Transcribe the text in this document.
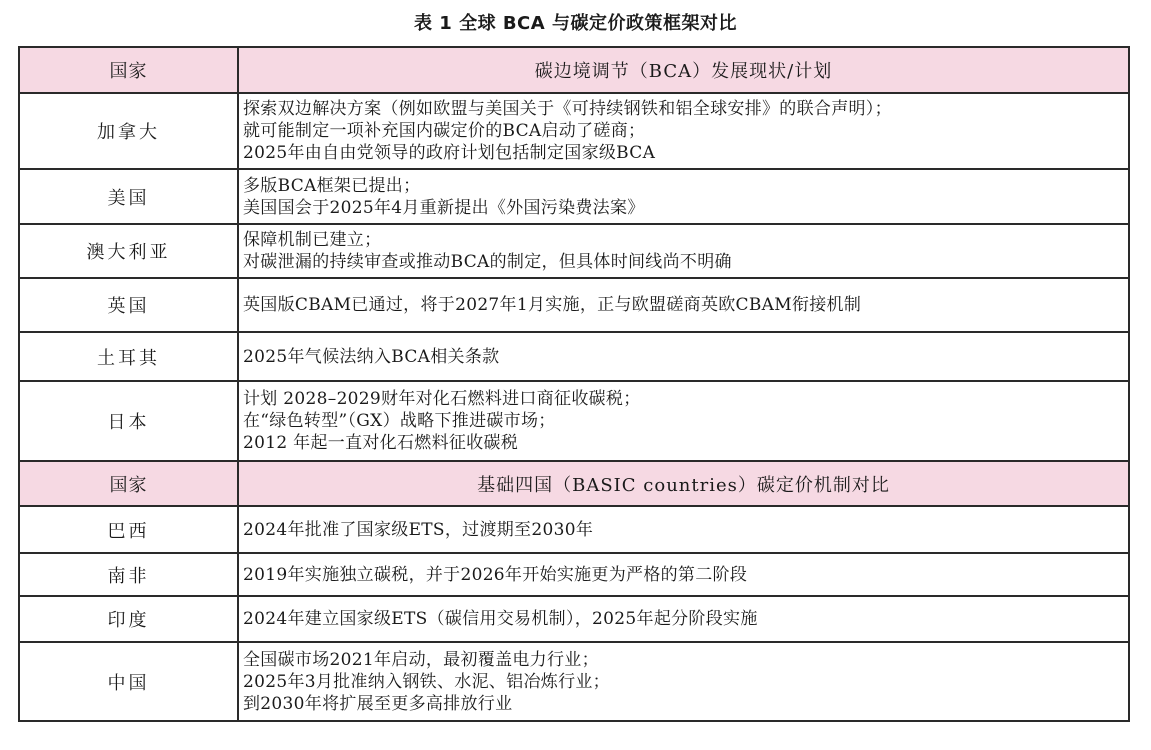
表 1 全球 BCA 与碳定价政策框架对比
国家	碳边境调节（BCA）发展现状/计划
加拿大	探索双边解决方案（例如欧盟与美国关于《可持续钢铁和铝全球安排》的联合声明）；
就可能制定一项补充国内碳定价的BCA启动了磋商；
2025年由自由党领导的政府计划包括制定国家级BCA

美国	多版BCA框架已提出；
美国国会于2025年4月重新提出《外国污染费法案》

澳大利亚	保障机制已建立；
对碳泄漏的持续审查或推动BCA的制定，但具体时间线尚不明确

英国	英国版CBAM已通过，将于2027年1月实施，正与欧盟磋商英欧CBAM衔接机制

土耳其	2025年气候法纳入BCA相关条款

日本	计划 2028–2029财年对化石燃料进口商征收碳税；
在“绿色转型”（GX）战略下推进碳市场；
2012 年起一直对化石燃料征收碳税

国家	基础四国（BASIC countries）碳定价机制对比
巴西	2024年批准了国家级ETS，过渡期至2030年

南非	2019年实施独立碳税，并于2026年开始实施更为严格的第二阶段

印度	2024年建立国家级ETS（碳信用交易机制），2025年起分阶段实施

中国	全国碳市场2021年启动，最初覆盖电力行业；
2025年3月批准纳入钢铁、水泥、铝冶炼行业；
到2030年将扩展至更多高排放行业
